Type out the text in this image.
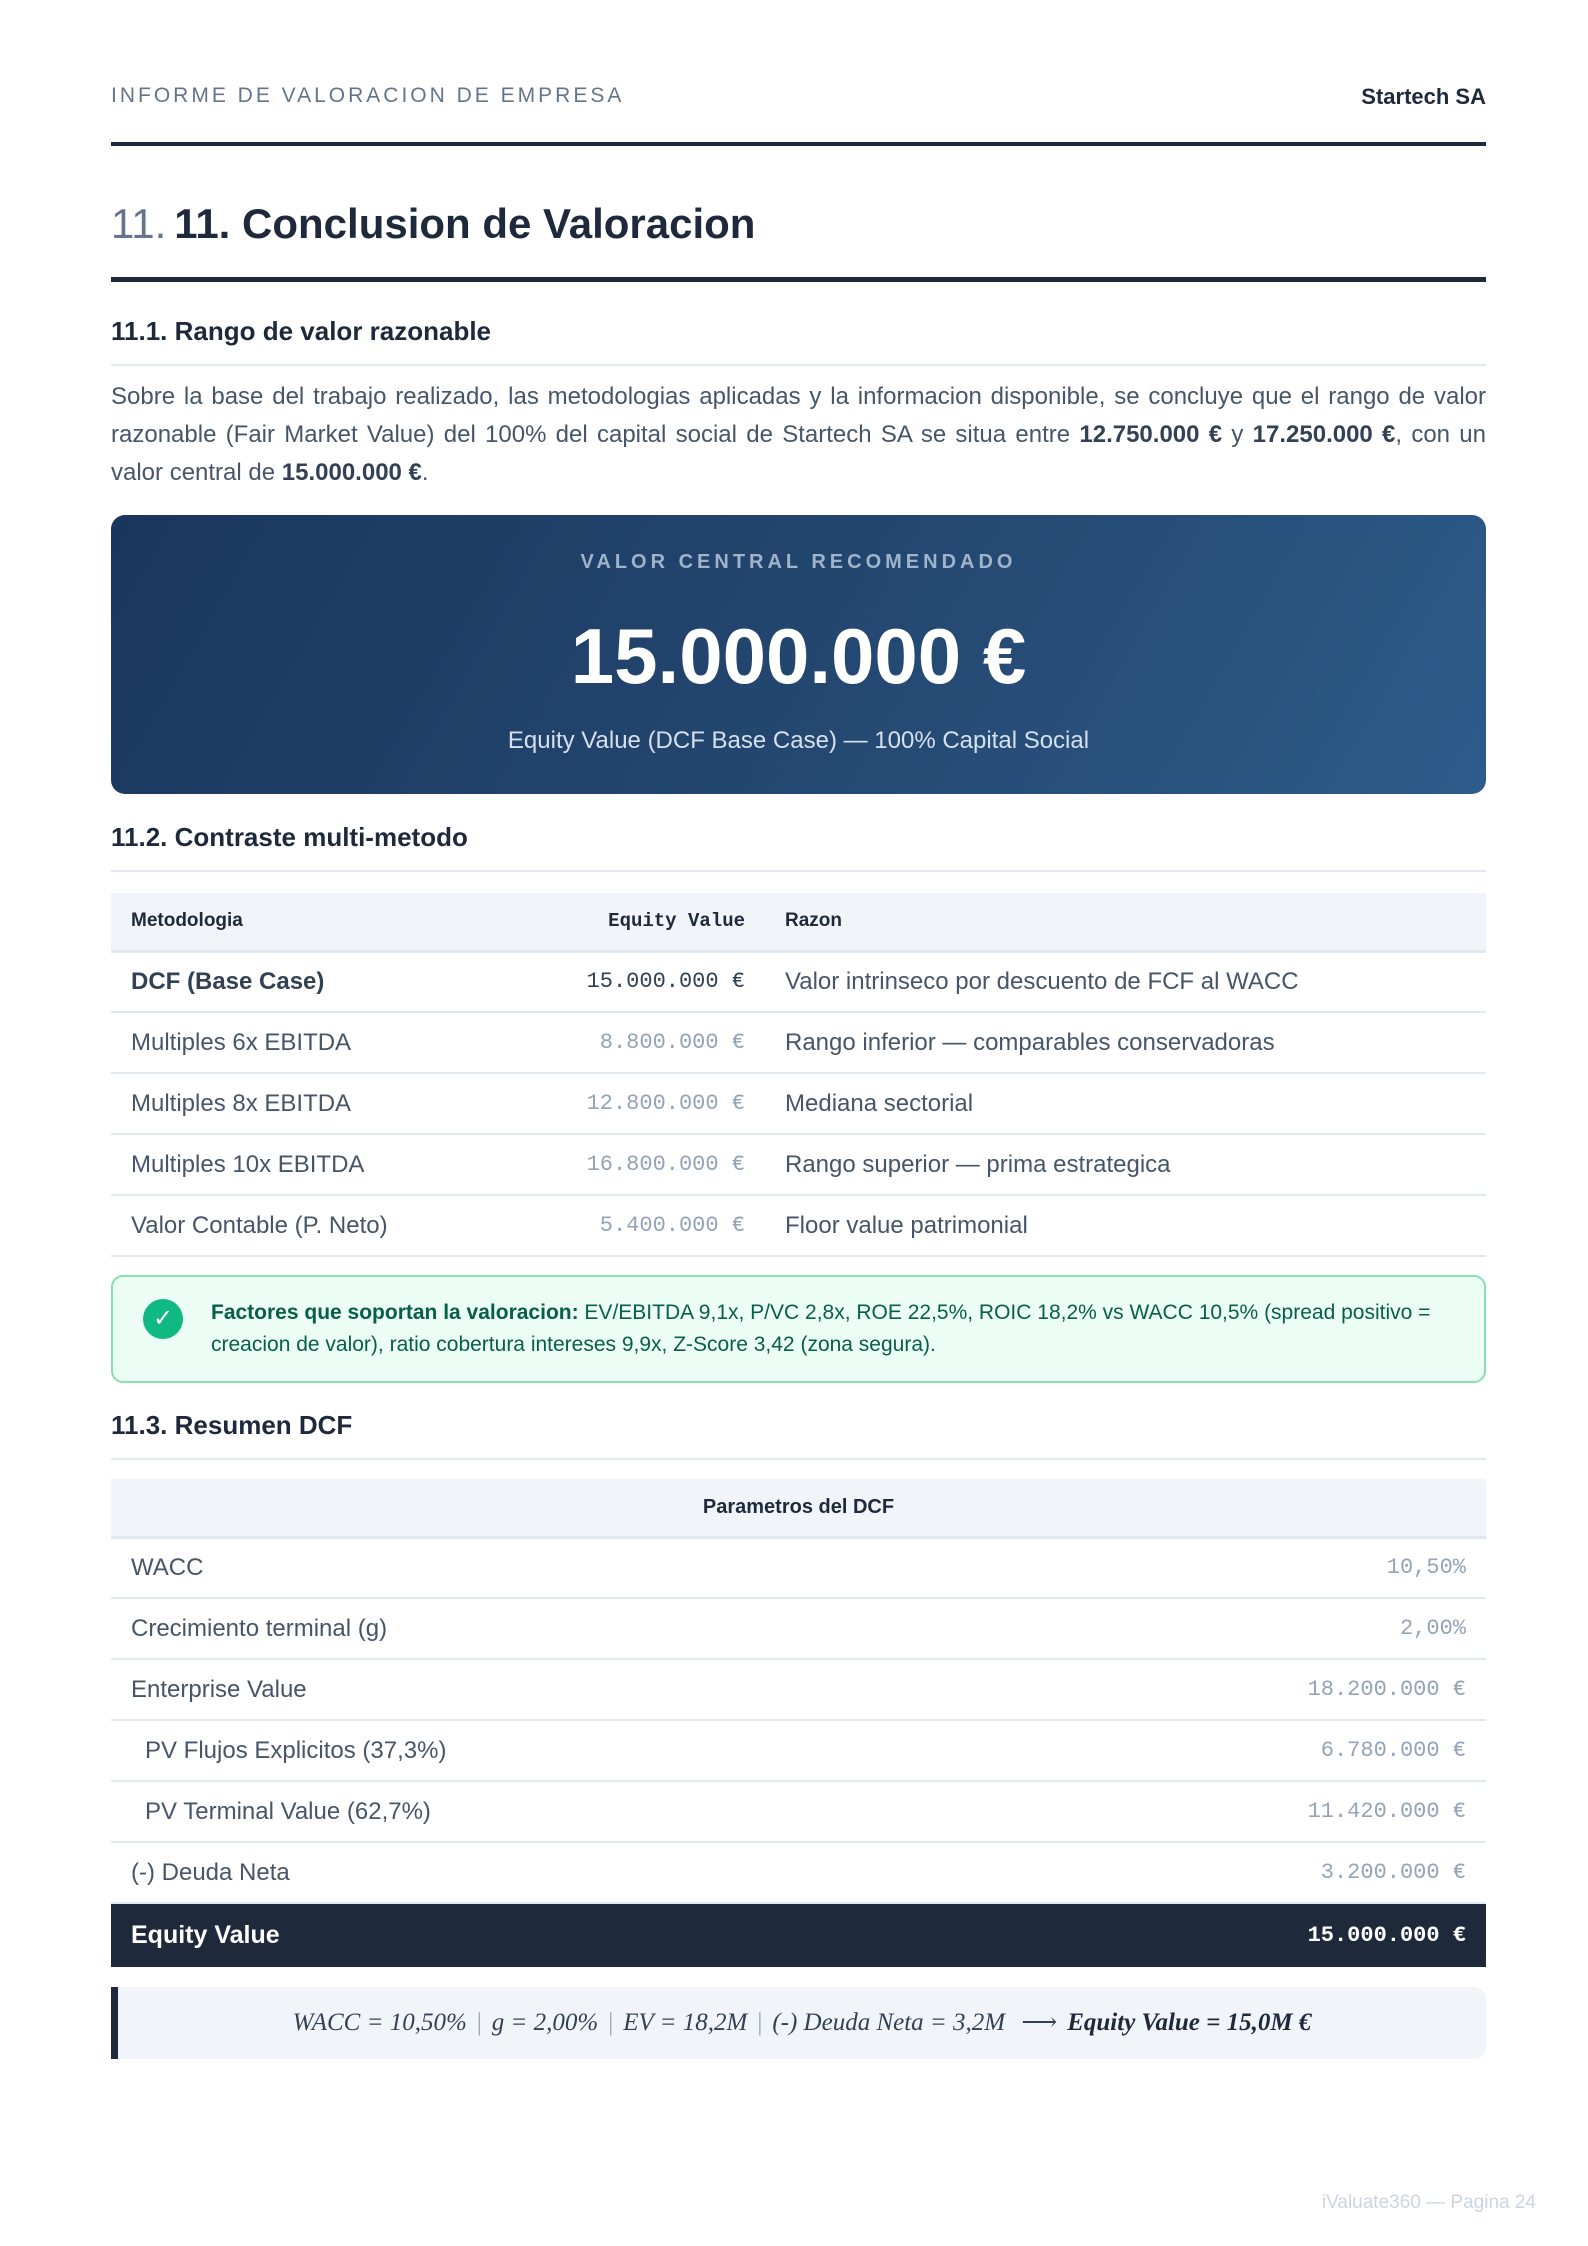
INFORME DE VALORACION DE EMPRESA	Startech SA
11. 11. Conclusion de Valoracion
11.1. Rango de valor razonable

Sobre la base del trabajo realizado, las metodologias aplicadas y la informacion disponible, se concluye que el rango de valor razonable (Fair Market Value) del 100% del capital social de Startech SA se situa entre 12.750.000 € y 17.250.000 €, con un valor central de 15.000.000 €.

VALOR CENTRAL RECOMENDADO
15.000.000 €
Equity Value (DCF Base Case) — 100% Capital Social
11.2. Contraste multi-metodo
Metodologia	Equity Value	Razon
DCF (Base Case)	15.000.000 €	Valor intrinseco por descuento de FCF al WACC
Multiples 6x EBITDA	8.800.000 €	Rango inferior — comparables conservadoras
Multiples 8x EBITDA	12.800.000 €	Mediana sectorial
Multiples 10x EBITDA	16.800.000 €	Rango superior — prima estrategica
Valor Contable (P. Neto)	5.400.000 €	Floor value patrimonial
✓	Factores que soportan la valoracion: EV/EBITDA 9,1x, P/VC 2,8x, ROE 22,5%, ROIC 18,2% vs WACC 10,5% (spread positivo = creacion de valor), ratio cobertura intereses 9,9x, Z-Score 3,42 (zona segura).
11.3. Resumen DCF
Parametros del DCF	
WACC	10,50%
Crecimiento terminal (g)	2,00%
Enterprise Value	18.200.000 €
PV Flujos Explicitos (37,3%)	6.780.000 €
PV Terminal Value (62,7%)	11.420.000 €
(-) Deuda Neta	3.200.000 €
Equity Value	15.000.000 €
WACC = 10,50% | g = 2,00% | EV = 18,2M | (-) Deuda Neta = 3,2M ⟶ Equity Value = 15,0M €
iValuate360 — Pagina 24
